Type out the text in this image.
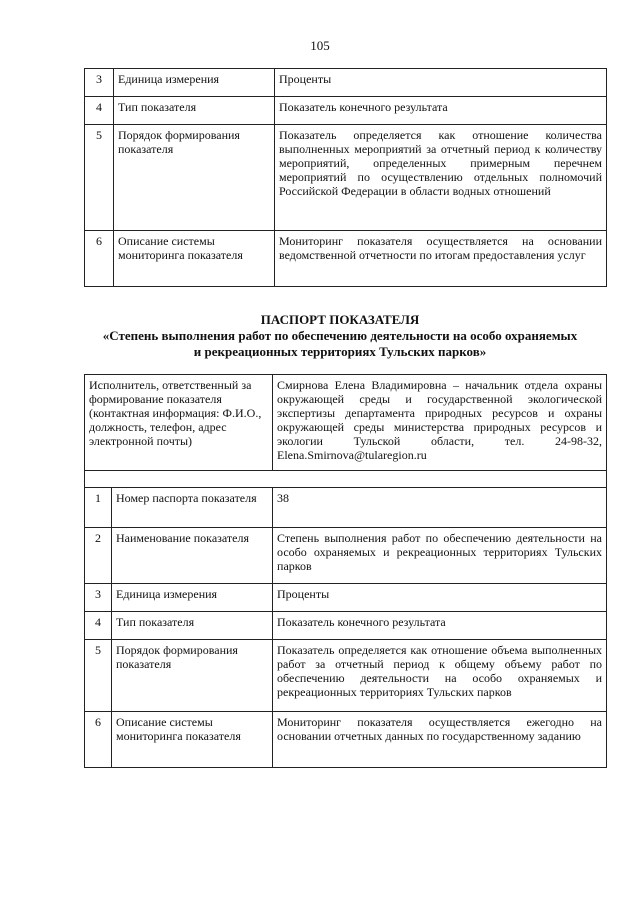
105
3	Единица измерения	Проценты
4	Тип показателя	Показатель конечного результата
5	Порядок формирования показателя	Показатель определяется как отношение количества выполненных мероприятий за отчетный период к количеству мероприятий, определенных примерным перечнем мероприятий по осуществлению отдельных полномочий Российской Федерации в области водных отношений
6	Описание системы мониторинга показателя	Мониторинг показателя осуществляется на основании ведомственной отчетности по итогам предоставления услуг
ПАСПОРТ ПОКАЗАТЕЛЯ
«Степень выполнения работ по обеспечению деятельности на особо охраняемых
и рекреационных территориях Тульских парков»
Исполнитель, ответственный за формирование показателя (контактная информация: Ф.И.О., должность, телефон, адрес электронной почты)		Смирнова Елена Владимировна – начальник отдела охраны окружающей среды и государственной экологической экспертизы департамента природных ресурсов и охраны окружающей среды министерства природных ресурсов и экологии Тульской области, тел. 24-98-32, Elena.Smirnova@tularegion.ru

1	Номер паспорта показателя	38
2	Наименование показателя	Степень выполнения работ по обеспечению деятельности на особо охраняемых и рекреационных территориях Тульских парков
3	Единица измерения	Проценты
4	Тип показателя	Показатель конечного результата
5	Порядок формирования показателя	Показатель определяется как отношение объема выполненных работ за отчетный период к общему объему работ по обеспечению деятельности на особо охраняемых и рекреационных территориях Тульских парков
6	Описание системы мониторинга показателя	Мониторинг показателя осуществляется ежегодно на основании отчетных данных по государственному заданию
